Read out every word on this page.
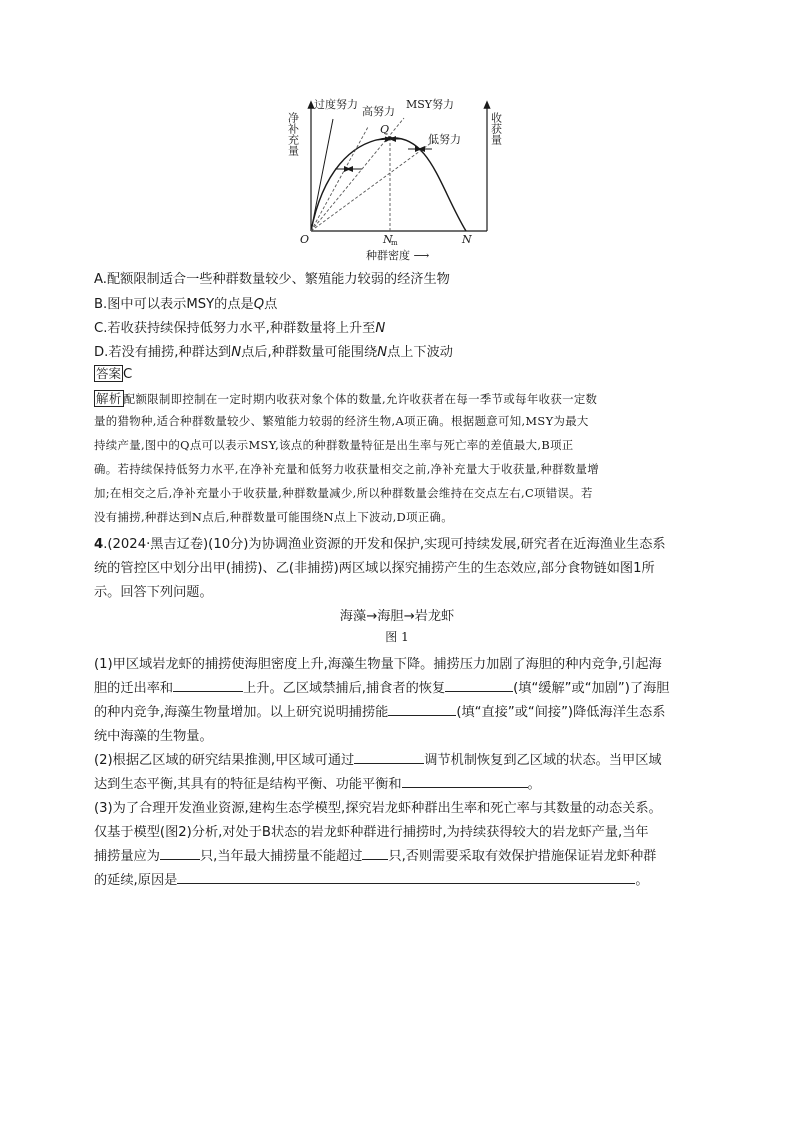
净补充量	收获量
过度努力
高努力
MSY努力
低努力
Q
O	N
m	N
种群密度 ⟶
A.配额限制适合一些种群数量较少、繁殖能力较弱的经济生物
B.图中可以表示MSY的点是Q点
C.若收获持续保持低努力水平,种群数量将上升至N
D.若没有捕捞,种群达到N点后,种群数量可能围绕N点上下波动
答案 C
解析 配额限制即控制在一定时期内收获对象个体的数量,允许收获者在每一季节或每年收获一定数
量的猎物种,适合种群数量较少、繁殖能力较弱的经济生物,A项正确。根据题意可知,MSY为最大
持续产量,图中的Q点可以表示MSY,该点的种群数量特征是出生率与死亡率的差值最大,B项正
确。若持续保持低努力水平,在净补充量和低努力收获量相交之前,净补充量大于收获量,种群数量增
加;在相交之后,净补充量小于收获量,种群数量减少,所以种群数量会维持在交点左右,C项错误。若
没有捕捞,种群达到N点后,种群数量可能围绕N点上下波动,D项正确。
4.(2024·黑吉辽卷)(10分)为协调渔业资源的开发和保护,实现可持续发展,研究者在近海渔业生态系
统的管控区中划分出甲(捕捞)、乙(非捕捞)两区域以探究捕捞产生的生态效应,部分食物链如图1所
示。回答下列问题。
海藻→海胆→岩龙虾
图 1
(1)甲区域岩龙虾的捕捞使海胆密度上升,海藻生物量下降。捕捞压力加剧了海胆的种内竞争,引起海
胆的迁出率和	上升。乙区域禁捕后,捕食者的恢复	(填“缓解”或“加剧”)了海胆
的种内竞争,海藻生物量增加。以上研究说明捕捞能	(填“直接”或“间接”)降低海洋生态系
统中海藻的生物量。
(2)根据乙区域的研究结果推测,甲区域可通过	调节机制恢复到乙区域的状态。当甲区域
达到生态平衡,其具有的特征是结构平衡、功能平衡和	。
(3)为了合理开发渔业资源,建构生态学模型,探究岩龙虾种群出生率和死亡率与其数量的动态关系。
仅基于模型(图2)分析,对处于B状态的岩龙虾种群进行捕捞时,为持续获得较大的岩龙虾产量,当年
捕捞量应为	只,当年最大捕捞量不能超过 只,否则需要采取有效保护措施保证岩龙虾种群
的延续,原因是	。
